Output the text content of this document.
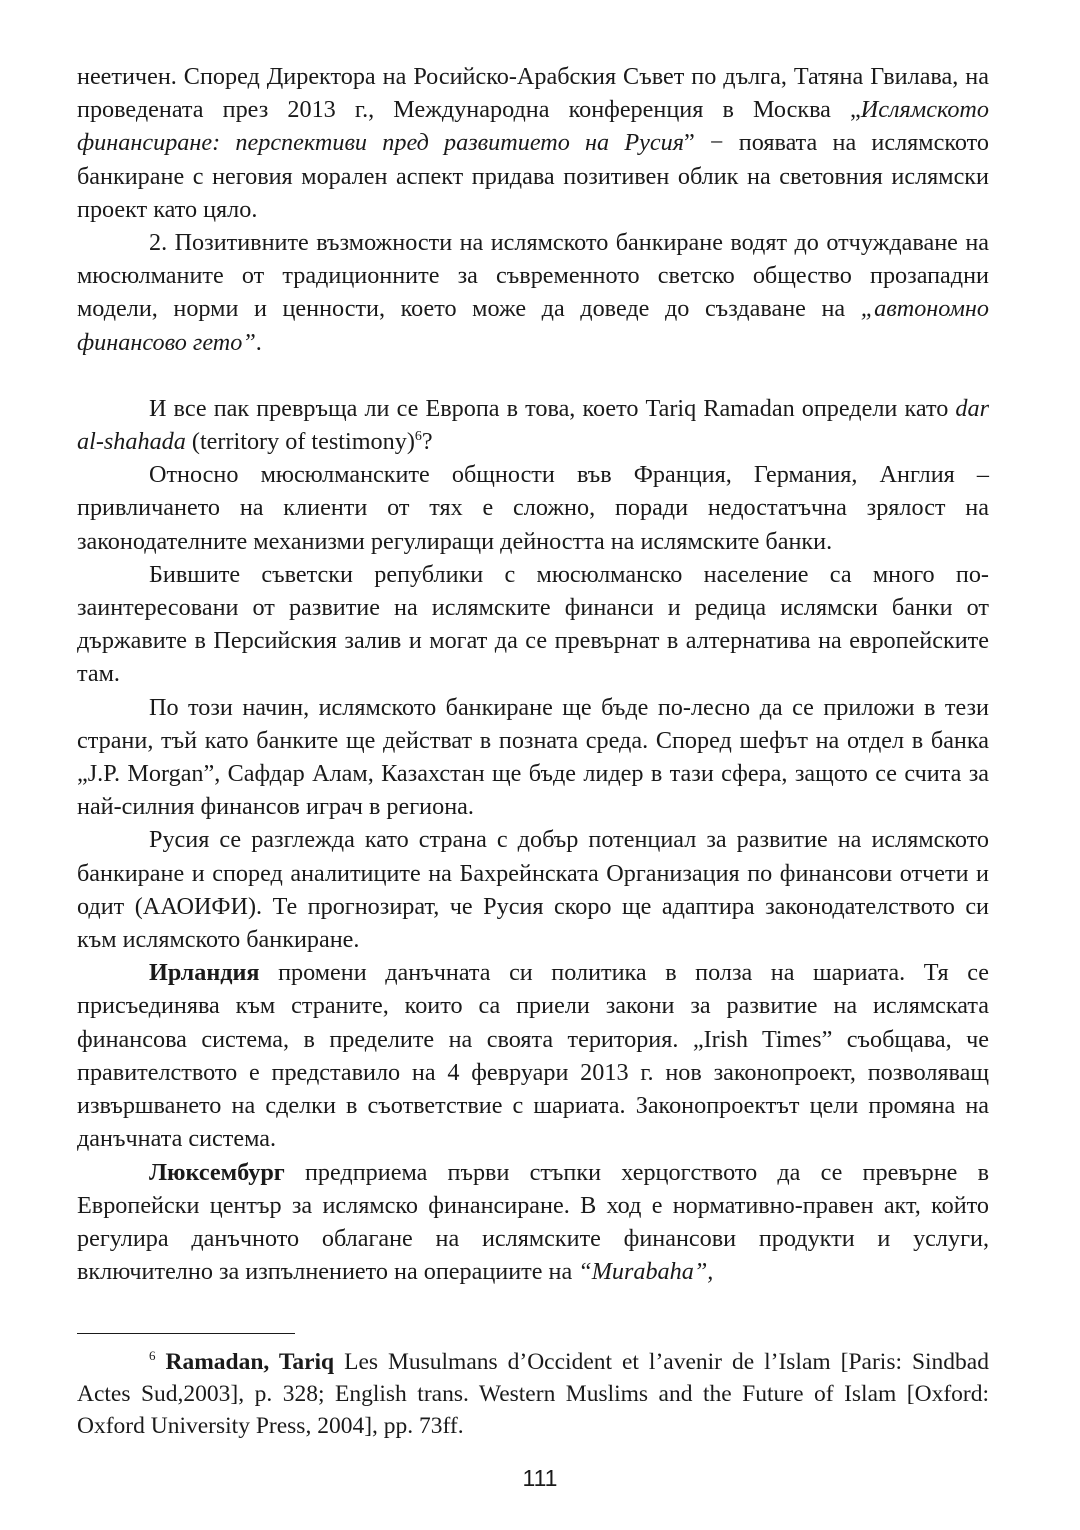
неетичен. Според Директора на Росийско-Арабския Съвет по дълга, Татяна Гвилава, на проведената през 2013 г., Международна конференция в Москва „Ислямското финансиране: перспективи пред развитието на Русия” − появата на ислямското банкиране с неговия морален аспект придава позитивен облик на световния ислямски проект като цяло.

2. Позитивните възможности на ислямското банкиране водят до отчуждаване на мюсюлманите от традиционните за съвременното светско общество прозападни модели, норми и ценности, което може да доведе до създаване на „автономно финансово гето”.

И все пак превръща ли се Европа в това, което Tariq Ramadan определи като dar al-shahada (territory of testimony)$^6$?

Относно мюсюлманските общности във Франция, Германия, Англия – привличането на клиенти от тях е сложно, поради недостатъчна зрялост на законодателните механизми регулиращи дейността на ислямските банки.

Бившите съветски републики с мюсюлманско население са много по-заинтересовани от развитие на ислямските финанси и редица ислямски банки от държавите в Персийския залив и могат да се превърнат в алтернатива на европейските там.

По този начин, ислямското банкиране ще бъде по-лесно да се приложи в тези страни, тъй като банките ще действат в позната среда. Според шефът на отдел в банка „J.P. Morgan”, Сафдар Алам, Казахстан ще бъде лидер в тази сфера, защото се счита за най-силния финансов играч в региона.

Русия се разглежда като страна с добър потенциал за развитие на ислямското банкиране и според аналитиците на Бахрейнската Организация по финансови отчети и одит (ААОИФИ). Те прогнозират, че Русия скоро ще адаптира законодателството си към ислямското банкиране.

Ирландия промени данъчната си политика в полза на шариата. Тя се присъединява към страните, които са приели закони за развитие на ислямската финансова система, в пределите на своята територия. „Irish Times” съобщава, че правителството е представило на 4 февруари 2013 г. нов законопроект, позволяващ извършването на сделки в съответствие с шариата. Законопроектът цели промяна на данъчната система.

Люксембург предприема първи стъпки херцогството да се превърне в Европейски център за ислямско финансиране. В ход е нормативно-правен акт, който регулира данъчното облагане на ислямските финансови продукти и услуги, включително за изпълнението на операциите на “Murabaha”,

$^6$ Ramadan, Tariq Les Musulmans d’Occident et l’avenir de l’Islam [Paris: Sindbad Actes Sud,2003], p. 328; English trans. Western Muslims and the Future of Islam [Oxford: Oxford University Press, 2004], pp. 73ff.

111
